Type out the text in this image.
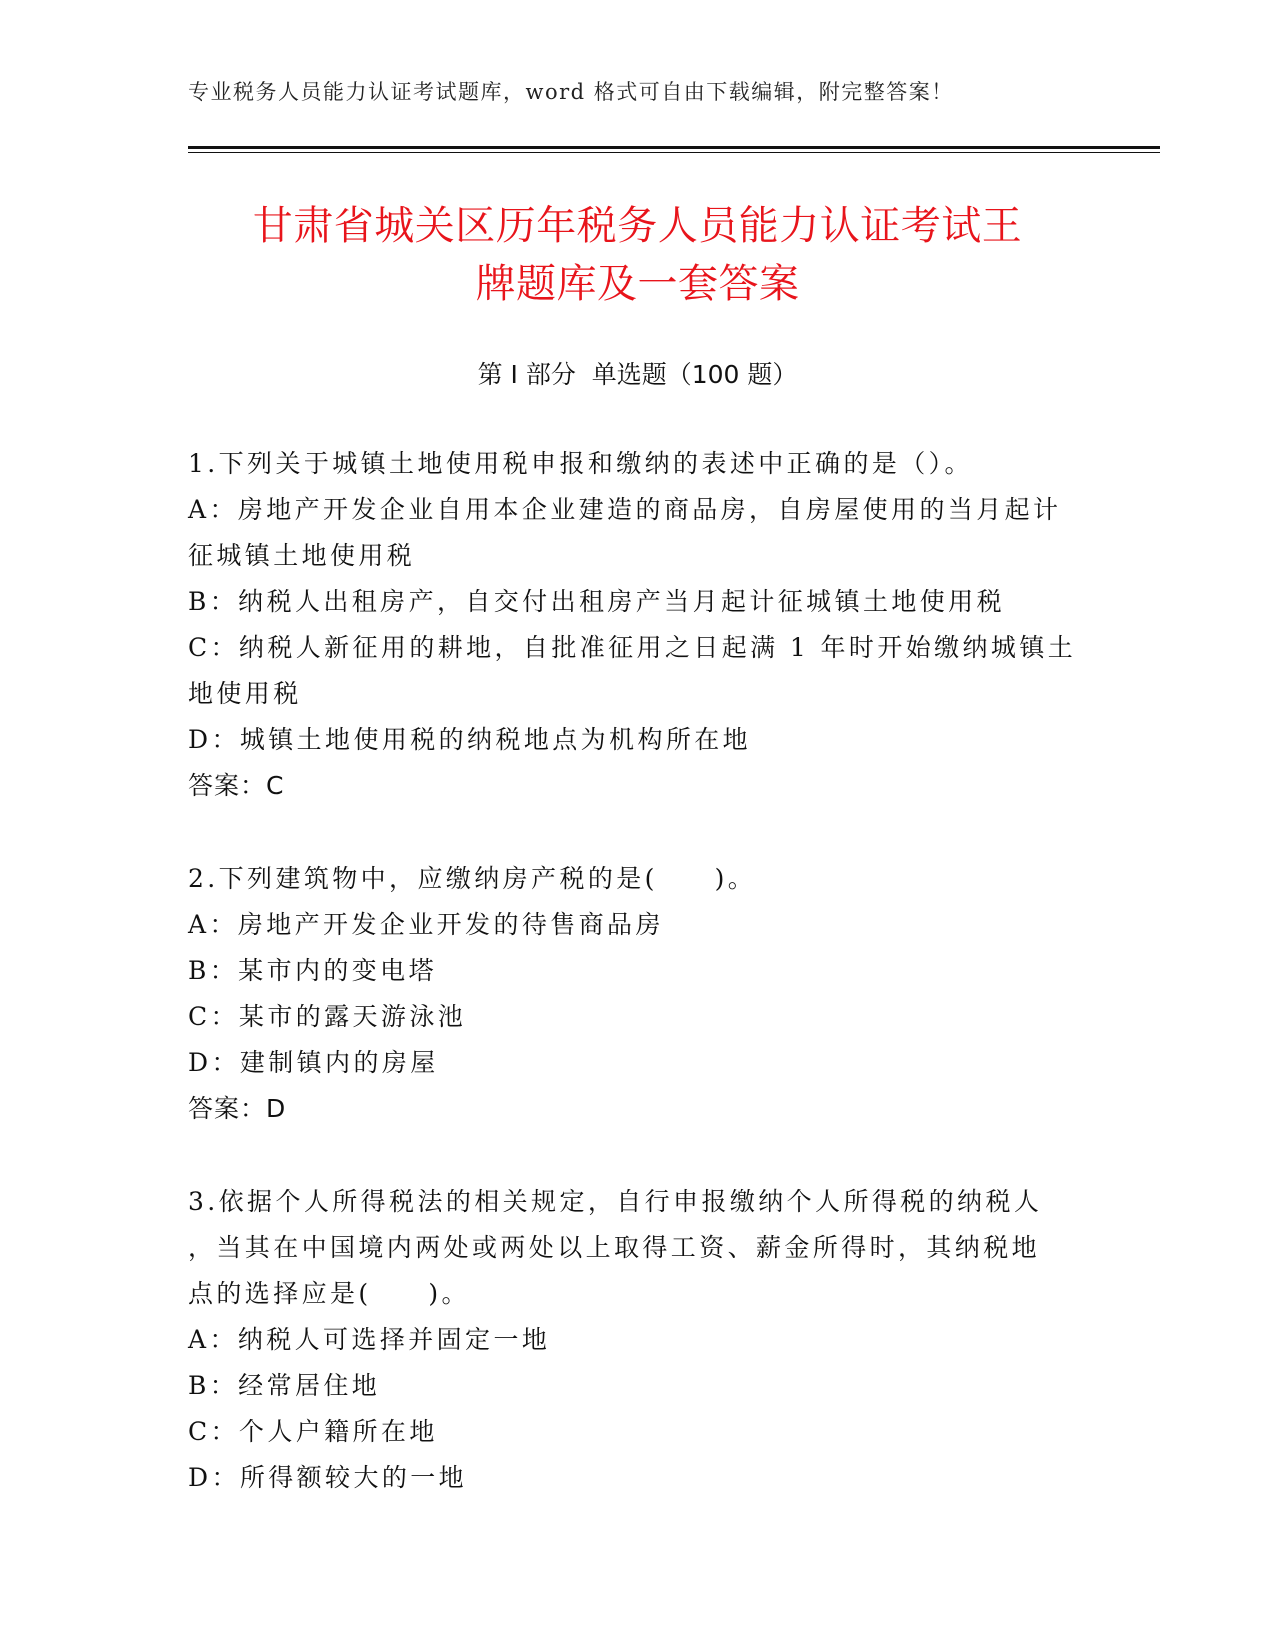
专业税务人员能力认证考试题库，word 格式可自由下载编辑，附完整答案！
甘肃省城关区历年税务人员能力认证考试王
牌题库及一套答案
第 I 部分  单选题（100 题）
1.下列关于城镇土地使用税申报和缴纳的表述中正确的是（）。
A：房地产开发企业自用本企业建造的商品房，自房屋使用的当月起计
征城镇土地使用税
B：纳税人出租房产，自交付出租房产当月起计征城镇土地使用税
C：纳税人新征用的耕地，自批准征用之日起满 1 年时开始缴纳城镇土
地使用税
D：城镇土地使用税的纳税地点为机构所在地
答案：C
2.下列建筑物中，应缴纳房产税的是(　　)。
A：房地产开发企业开发的待售商品房
B：某市内的变电塔
C：某市的露天游泳池
D：建制镇内的房屋
答案：D
3.依据个人所得税法的相关规定，自行申报缴纳个人所得税的纳税人
，当其在中国境内两处或两处以上取得工资、薪金所得时，其纳税地
点的选择应是(　　)。
A：纳税人可选择并固定一地
B：经常居住地
C：个人户籍所在地
D：所得额较大的一地
